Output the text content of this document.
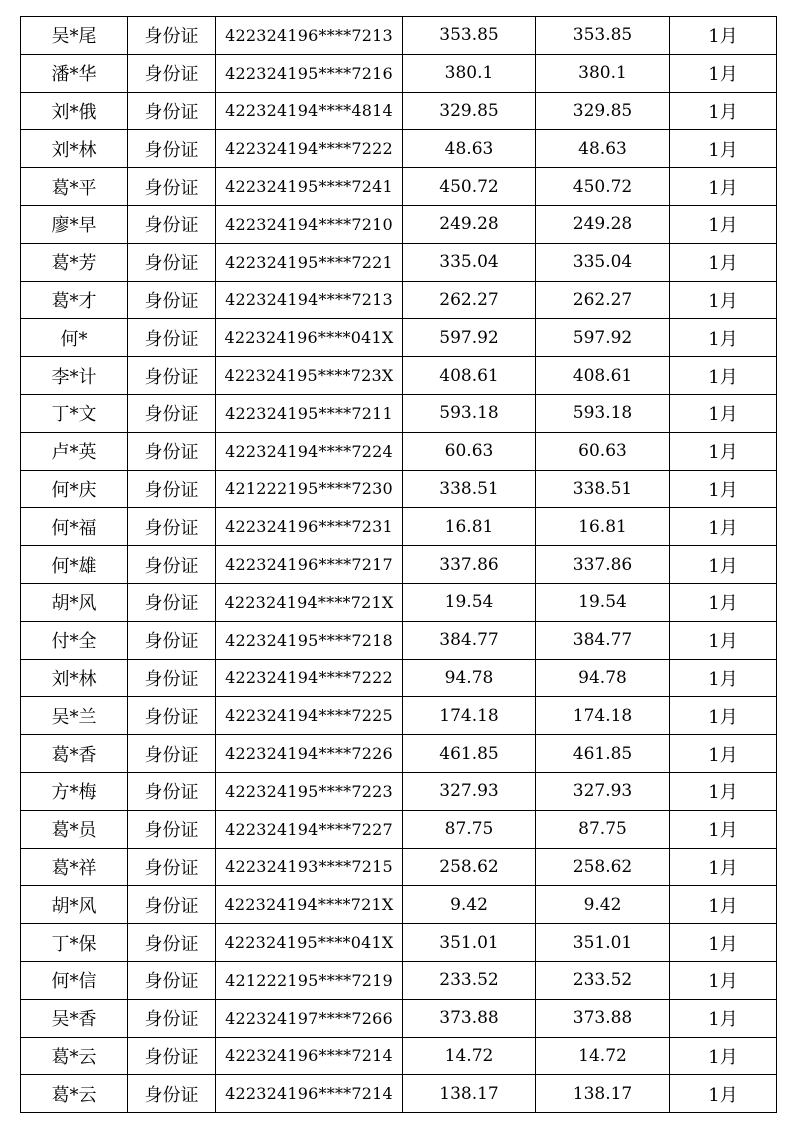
吴*尾	身份证	422324196****7213	353.85	353.85	1月
潘*华	身份证	422324195****7216	380.1	380.1	1月
刘*俄	身份证	422324194****4814	329.85	329.85	1月
刘*林	身份证	422324194****7222	48.63	48.63	1月
葛*平	身份证	422324195****7241	450.72	450.72	1月
廖*早	身份证	422324194****7210	249.28	249.28	1月
葛*芳	身份证	422324195****7221	335.04	335.04	1月
葛*才	身份证	422324194****7213	262.27	262.27	1月
何*	身份证	422324196****041X	597.92	597.92	1月
李*计	身份证	422324195****723X	408.61	408.61	1月
丁*文	身份证	422324195****7211	593.18	593.18	1月
卢*英	身份证	422324194****7224	60.63	60.63	1月
何*庆	身份证	421222195****7230	338.51	338.51	1月
何*福	身份证	422324196****7231	16.81	16.81	1月
何*雄	身份证	422324196****7217	337.86	337.86	1月
胡*风	身份证	422324194****721X	19.54	19.54	1月
付*全	身份证	422324195****7218	384.77	384.77	1月
刘*林	身份证	422324194****7222	94.78	94.78	1月
吴*兰	身份证	422324194****7225	174.18	174.18	1月
葛*香	身份证	422324194****7226	461.85	461.85	1月
方*梅	身份证	422324195****7223	327.93	327.93	1月
葛*员	身份证	422324194****7227	87.75	87.75	1月
葛*祥	身份证	422324193****7215	258.62	258.62	1月
胡*风	身份证	422324194****721X	9.42	9.42	1月
丁*保	身份证	422324195****041X	351.01	351.01	1月
何*信	身份证	421222195****7219	233.52	233.52	1月
吴*香	身份证	422324197****7266	373.88	373.88	1月
葛*云	身份证	422324196****7214	14.72	14.72	1月
葛*云	身份证	422324196****7214	138.17	138.17	1月
